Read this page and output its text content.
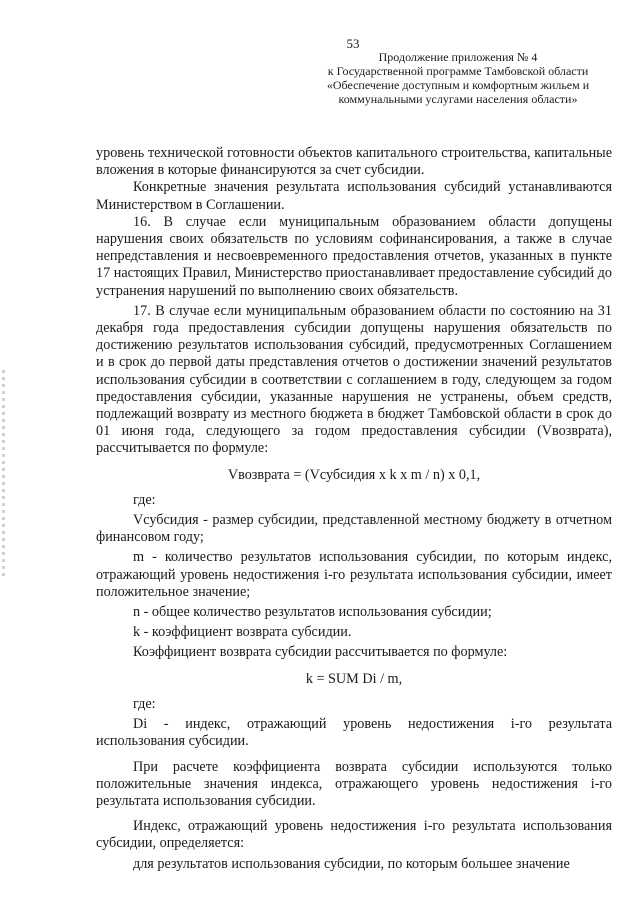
53
Продолжение приложения № 4
к Государственной программе Тамбовской области
«Обеспечение доступным и комфортным жильем и
коммунальными услугами населения области»

уровень технической готовности объектов капитального строительства, капитальные вложения в которые финансируются за счет субсидии.

Конкретные значения результата использования субсидий устанавливаются Министерством в Соглашении.

16. В случае если муниципальным образованием области допущены нарушения своих обязательств по условиям софинансирования, а также в случае непредставления и несвоевременного предоставления отчетов, указанных в пункте 17 настоящих Правил, Министерство приостанавливает предоставление субсидий до устранения нарушений по выполнению своих обязательств.

17. В случае если муниципальным образованием области по состоянию на 31 декабря года предоставления субсидии допущены нарушения обязательств по достижению результатов использования субсидий, предусмотренных Соглашением и в срок до первой даты представления отчетов о достижении значений результатов использования субсидии в соответствии с соглашением в году, следующем за годом предоставления субсидии, указанные нарушения не устранены, объем средств, подлежащий возврату из местного бюджета в бюджет Тамбовской области в срок до 01 июня года, следующего за годом предоставления субсидии (Vвозврата), рассчитывается по формуле:

Vвозврата = (Vсубсидия x k x m / n) x 0,1,

где:

Vсубсидия - размер субсидии, представленной местному бюджету в отчетном финансовом году;

m - количество результатов использования субсидии, по которым индекс, отражающий уровень недостижения i-го результата использования субсидии, имеет положительное значение;

n - общее количество результатов использования субсидии;

k - коэффициент возврата субсидии.

Коэффициент возврата субсидии рассчитывается по формуле:

k = SUM Di / m,

где:

Di - индекс, отражающий уровень недостижения i-го результата использования субсидии.

При расчете коэффициента возврата субсидии используются только положительные значения индекса, отражающего уровень недостижения i-го результата использования субсидии.

Индекс, отражающий уровень недостижения i-го результата использования субсидии, определяется:

для результатов использования субсидии, по которым большее значение
